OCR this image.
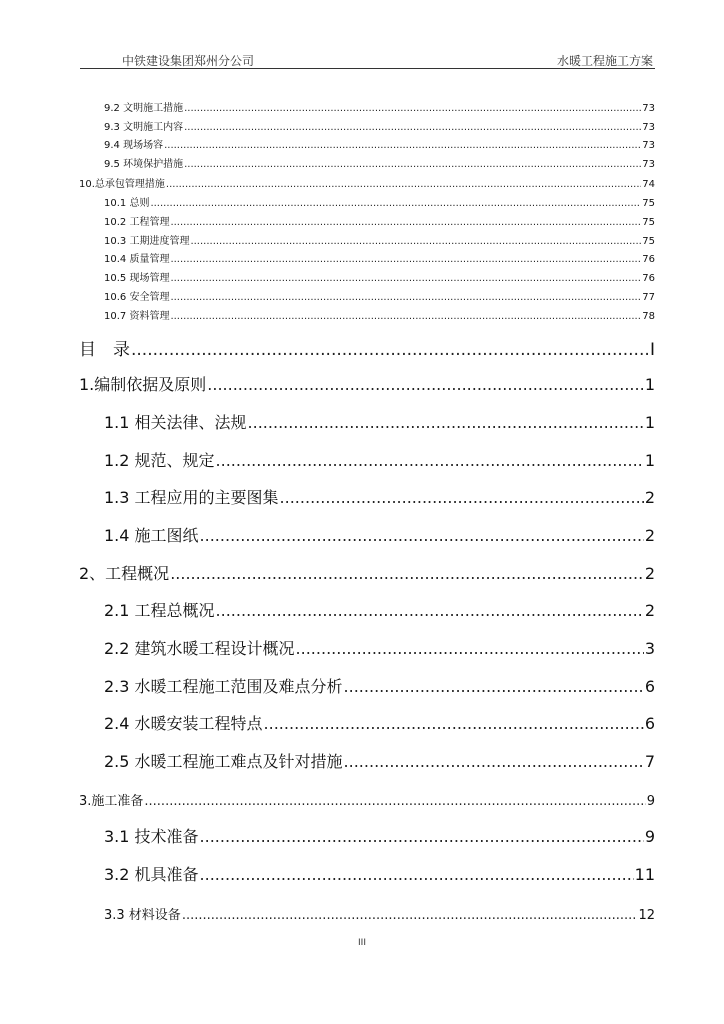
中铁建设集团郑州分公司	水暖工程施工方案
9.2 文明施工措施 .....	73
9.3 文明施工内容 .....	73
9.4 现场场容 .....	73
9.5 环境保护措施 .....	73
10.总承包管理措施 .....	74
10.1 总则 .....	75
10.2 工程管理 .....	75
10.3 工期进度管理 .....	75
10.4 质量管理 .....	76
10.5 现场管理 .....	76
10.6 安全管理 .....	77
10.7 资料管理 .....	78
目　录 .....	I
1.编制依据及原则 .....	1
1.1 相关法律、法规 .....	1
1.2 规范、规定 .....	1
1.3 工程应用的主要图集 .....	2
1.4 施工图纸 .....	2
2、工程概况 .....	2
2.1 工程总概况 .....	2
2.2 建筑水暖工程设计概况 .....	3
2.3 水暖工程施工范围及难点分析 .....	6
2.4 水暖安装工程特点 .....	6
2.5 水暖工程施工难点及针对措施 .....	7
3.施工准备 .....	9
3.1 技术准备 .....	9
3.2 机具准备 .....	11
3.3 材料设备 .....	12
III
